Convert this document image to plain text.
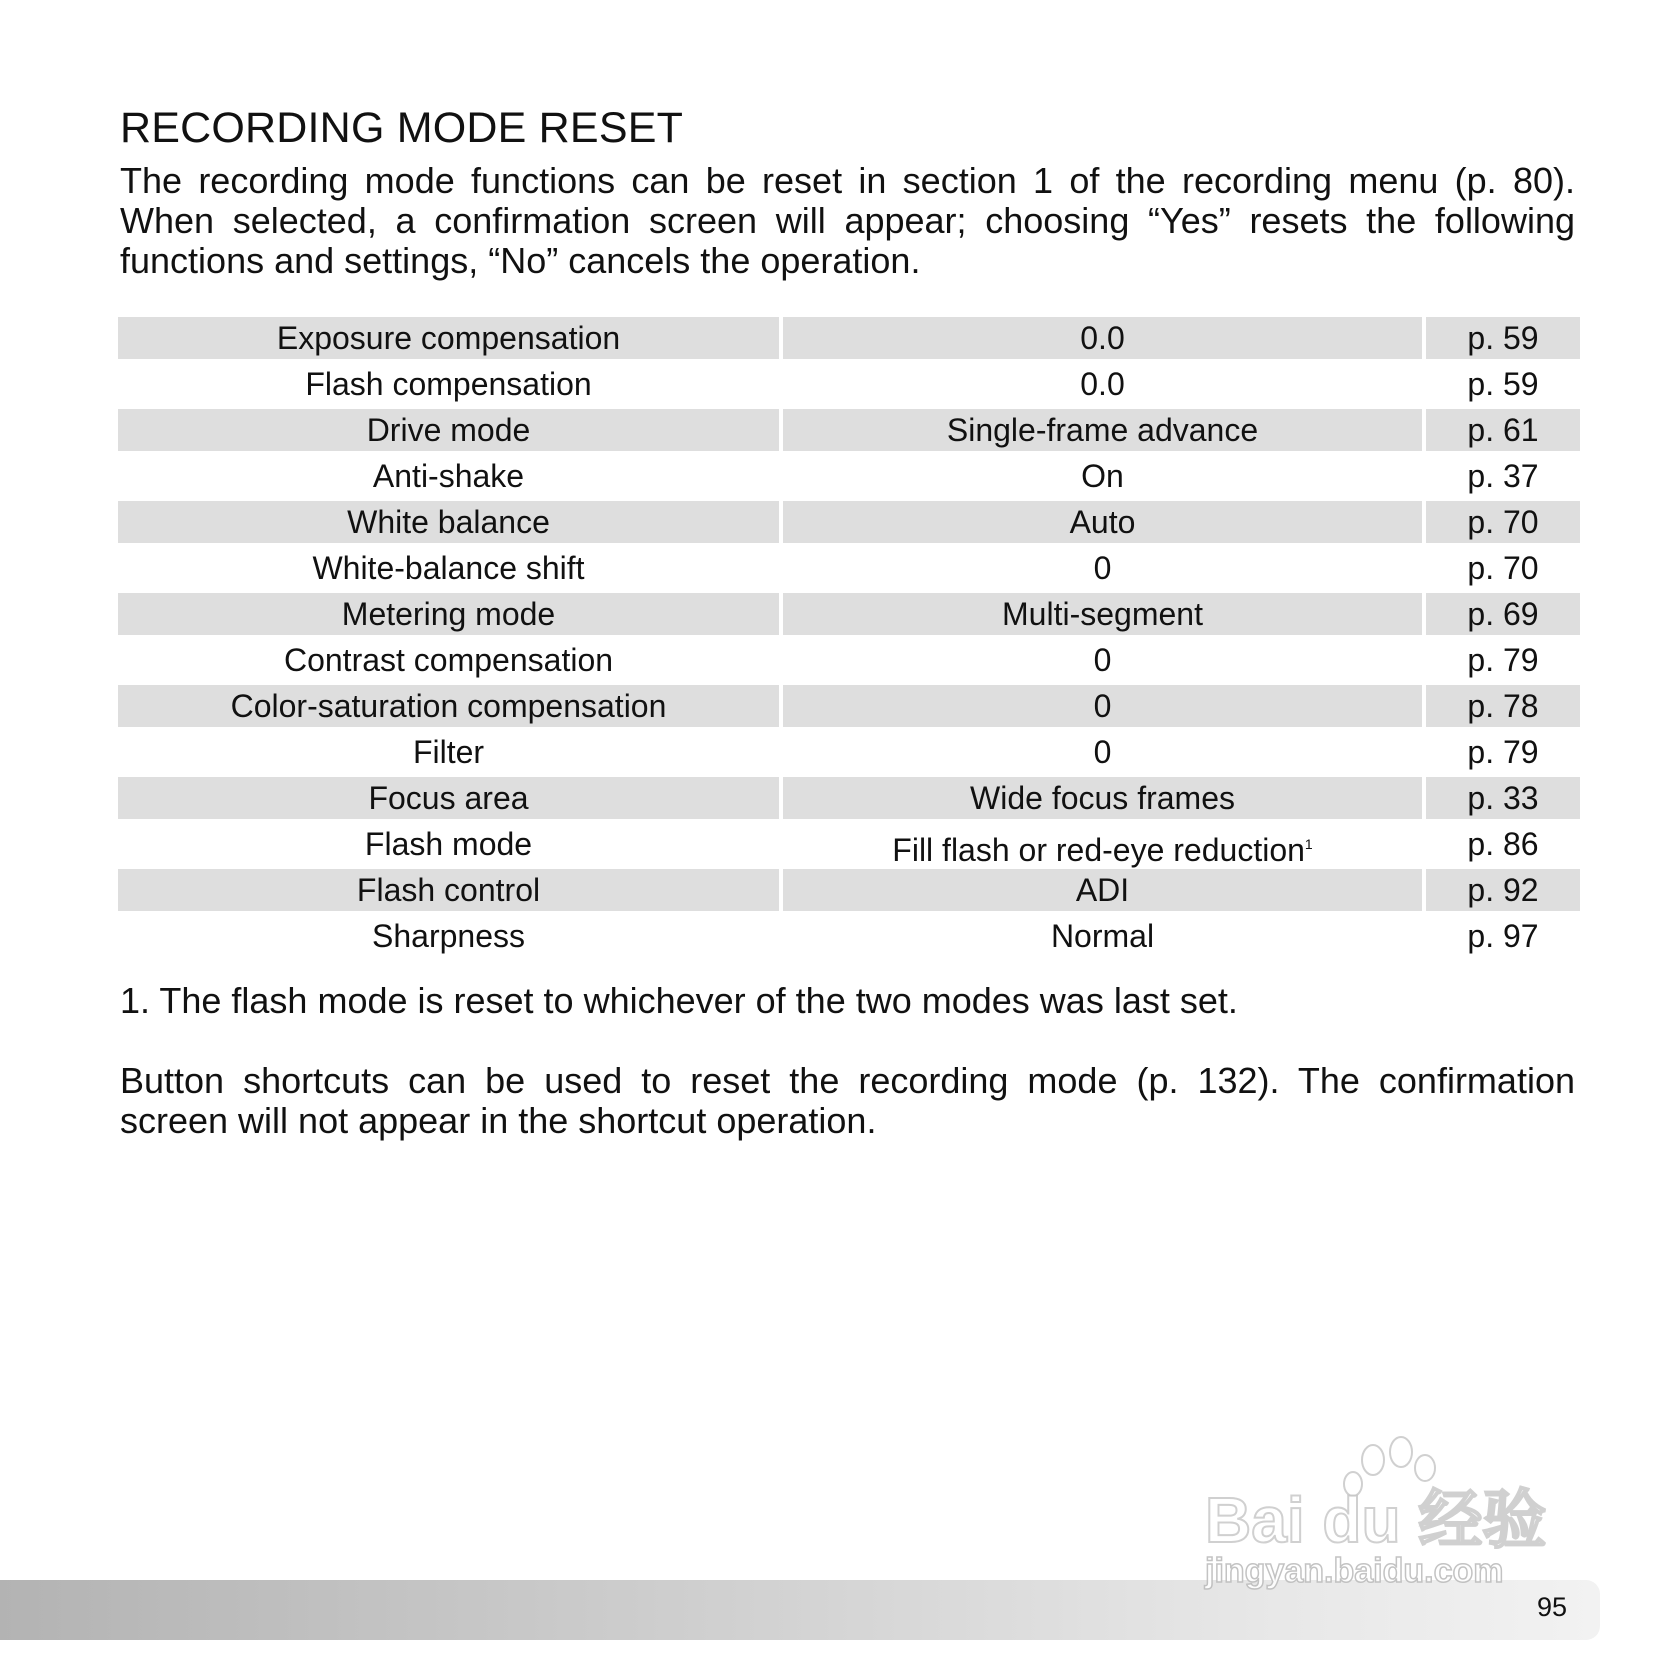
RECORDING MODE RESET

The recording mode functions can be reset in section 1 of the recording menu (p. 80). When selected, a confirmation screen will appear; choosing “Yes” resets the following functions and settings, “No” cancels the operation.

Exposure compensation	0.0	p. 59
Flash compensation	0.0	p. 59
Drive mode	Single-frame advance	p. 61
Anti-shake	On	p. 37
White balance	Auto	p. 70
White-balance shift	0	p. 70
Metering mode	Multi-segment	p. 69
Contrast compensation	0	p. 79
Color-saturation compensation	0	p. 78
Filter	0	p. 79
Focus area	Wide focus frames	p. 33
Flash mode	Fill flash or red-eye reduction$^1$	p. 86
Flash control	ADI	p. 92
Sharpness	Normal	p. 97

1. The flash mode is reset to whichever of the two modes was last set.

Button shortcuts can be used to reset the recording mode (p. 132). The confirmation screen will not appear in the shortcut operation.

95
Bai du 经验
jingyan.baidu.com
